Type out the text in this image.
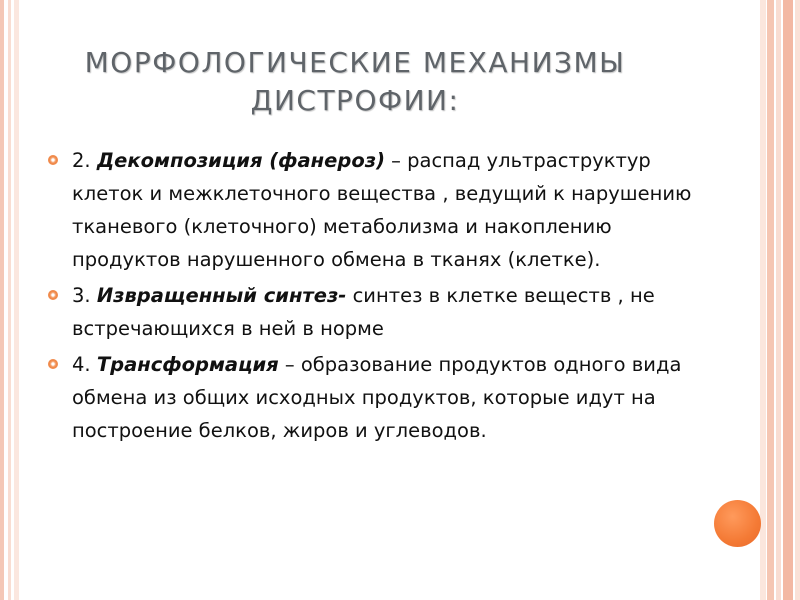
МОРФОЛОГИЧЕСКИЕ МЕХАНИЗМЫ
ДИСТРОФИИ:
2. Декомпозиция (фанероз) – распад ультраструктур клеток и межклеточного вещества , ведущий к нарушению тканевого (клеточного) метаболизма и накоплению продуктов нарушенного обмена в тканях (клетке).
3. Извращенный синтез- синтез в клетке веществ , не встречающихся в ней в норме
4. Трансформация – образование продуктов одного вида обмена из общих исходных продуктов, которые идут на построение белков, жиров и углеводов.
